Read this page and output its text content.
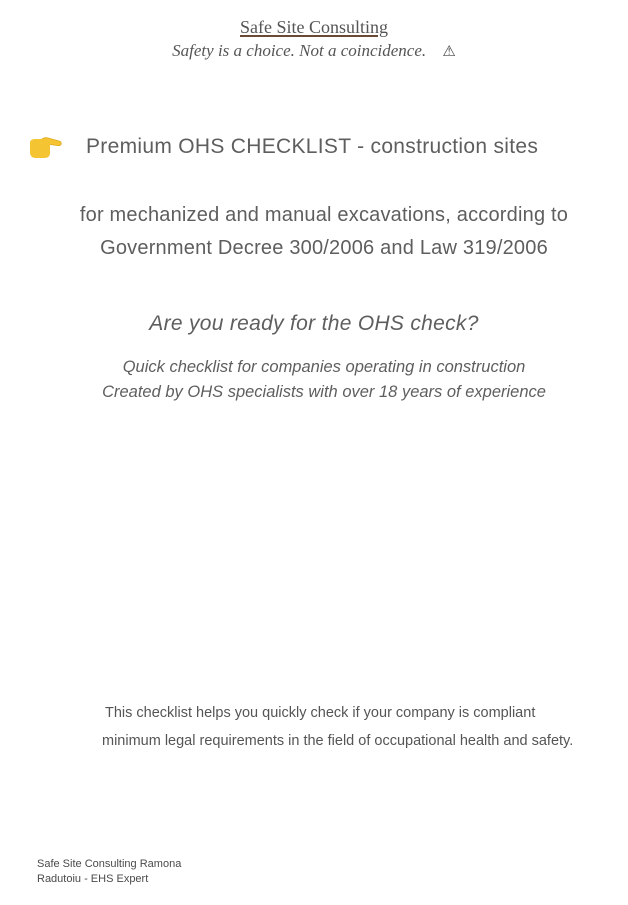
Safe Site Consulting
Safety is a choice. Not a coincidence. ⚠
Premium OHS CHECKLIST - construction sites
for mechanized and manual excavations, according to Government Decree 300/2006 and Law 319/2006
Are you ready for the OHS check?
Quick checklist for companies operating in construction
Created by OHS specialists with over 18 years of experience
This checklist helps you quickly check if your company is compliant
minimum legal requirements in the field of occupational health and safety.
Safe Site Consulting Ramona Radutoiu - EHS Expert
